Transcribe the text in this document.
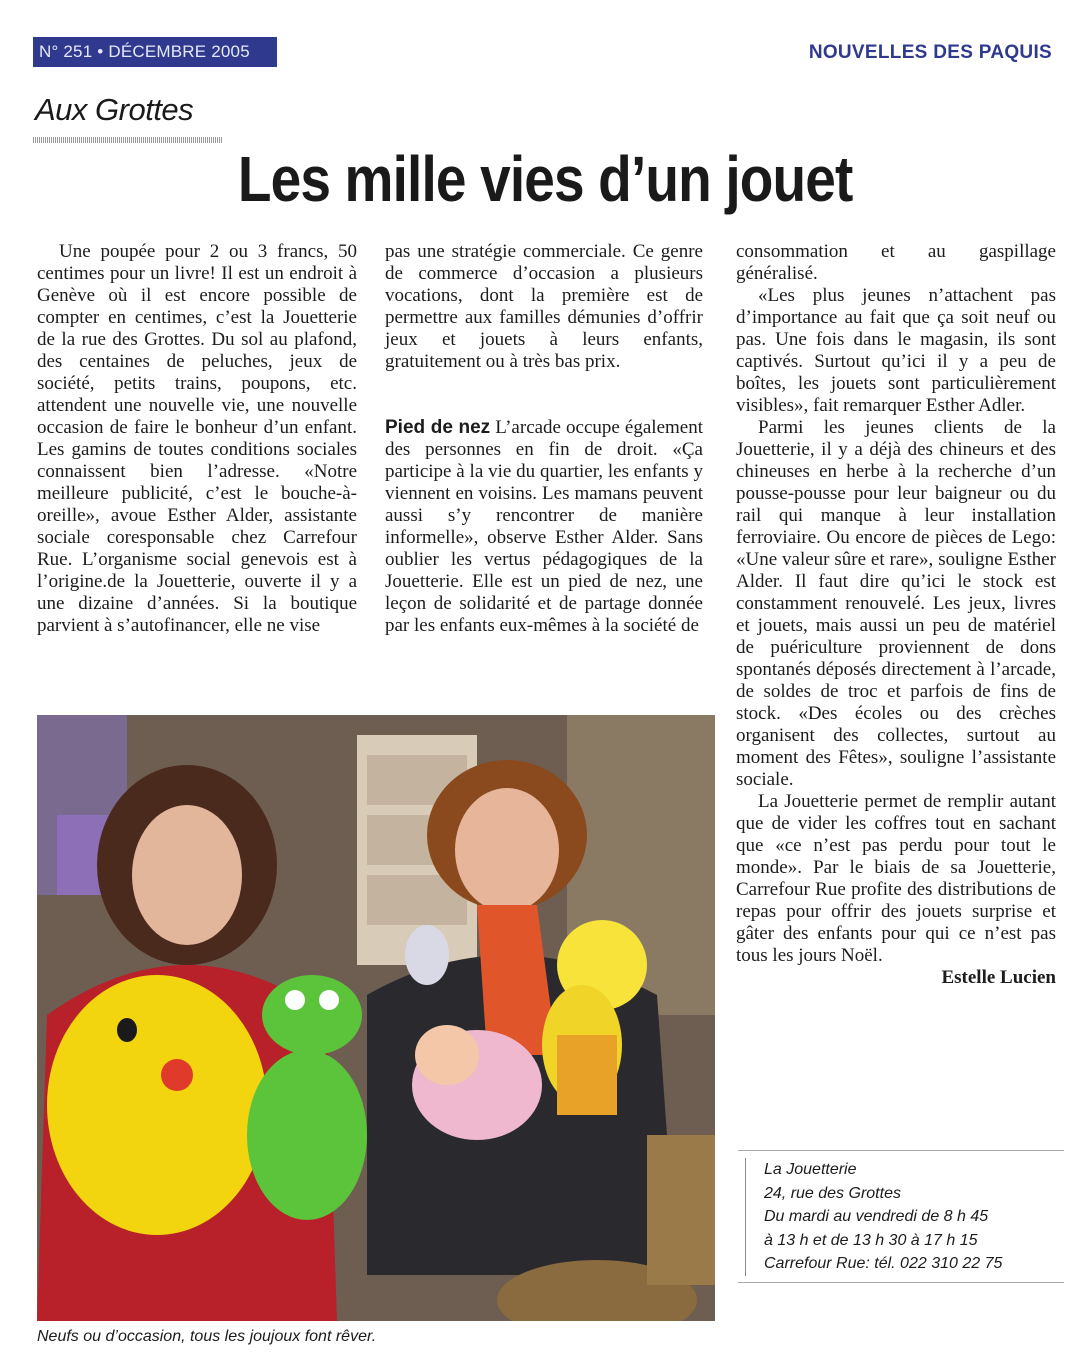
N° 251 • DÉCEMBRE 2005	NOUVELLES DES PAQUIS
Aux Grottes
Les mille vies d’un jouet

Une poupée pour 2 ou 3 francs, 50 centimes pour un livre! Il est un endroit à Genève où il est encore possible de compter en centimes, c’est la Jouetterie de la rue des Grottes. Du sol au plafond, des centaines de peluches, jeux de société, petits trains, poupons, etc. attendent une nouvelle vie, une nouvelle occasion de faire le bonheur d’un enfant. Les gamins de toutes conditions sociales connaissent bien l’adresse. «Notre meilleure publicité, c’est le bouche-à-oreille», avoue Esther Alder, assistante sociale coresponsable chez Carrefour Rue. L’organisme social genevois est à l’origine.de la Jouetterie, ouverte il y a une dizaine d’années. Si la boutique parvient à s’autofinancer, elle ne vise

pas une stratégie commerciale. Ce genre de commerce d’occasion a plusieurs vocations, dont la première est de permettre aux familles démunies d’offrir jeux et jouets à leurs enfants, gratuitement ou à très bas prix.

Pied de nez L’arcade occupe également des personnes en fin de droit. «Ça participe à la vie du quartier, les enfants y viennent en voisins. Les mamans peuvent aussi s’y rencontrer de manière informelle», observe Esther Alder. Sans oublier les vertus pédagogiques de la Jouetterie. Elle est un pied de nez, une leçon de solidarité et de partage donnée par les enfants eux-mêmes à la société de

consommation et au gaspillage généralisé.

«Les plus jeunes n’attachent pas d’importance au fait que ça soit neuf ou pas. Une fois dans le magasin, ils sont captivés. Surtout qu’ici il y a peu de boîtes, les jouets sont particulièrement visibles», fait remarquer Esther Adler.

Parmi les jeunes clients de la Jouetterie, il y a déjà des chineurs et des chineuses en herbe à la recherche d’un pousse-pousse pour leur baigneur ou du rail qui manque à leur installation ferroviaire. Ou encore de pièces de Lego: «Une valeur sûre et rare», souligne Esther Alder. Il faut dire qu’ici le stock est constamment renouvelé. Les jeux, livres et jouets, mais aussi un peu de matériel de puériculture proviennent de dons spontanés déposés directement à l’arcade, de soldes de troc et parfois de fins de stock. «Des écoles ou des crèches organisent des collectes, surtout au moment des Fêtes», souligne l’assistante sociale.

La Jouetterie permet de remplir autant que de vider les coffres tout en sachant que «ce n’est pas perdu pour tout le monde». Par le biais de sa Jouetterie, Carrefour Rue profite des distributions de repas pour offrir des jouets surprise et gâter des enfants pour qui ce n’est pas tous les jours Noël.

Estelle Lucien

Neufs ou d’occasion, tous les joujoux font rêver.
La Jouetterie
24, rue des Grottes
Du mardi au vendredi de 8 h 45
à 13 h et de 13 h 30 à 17 h 15
Carrefour Rue: tél. 022 310 22 75
